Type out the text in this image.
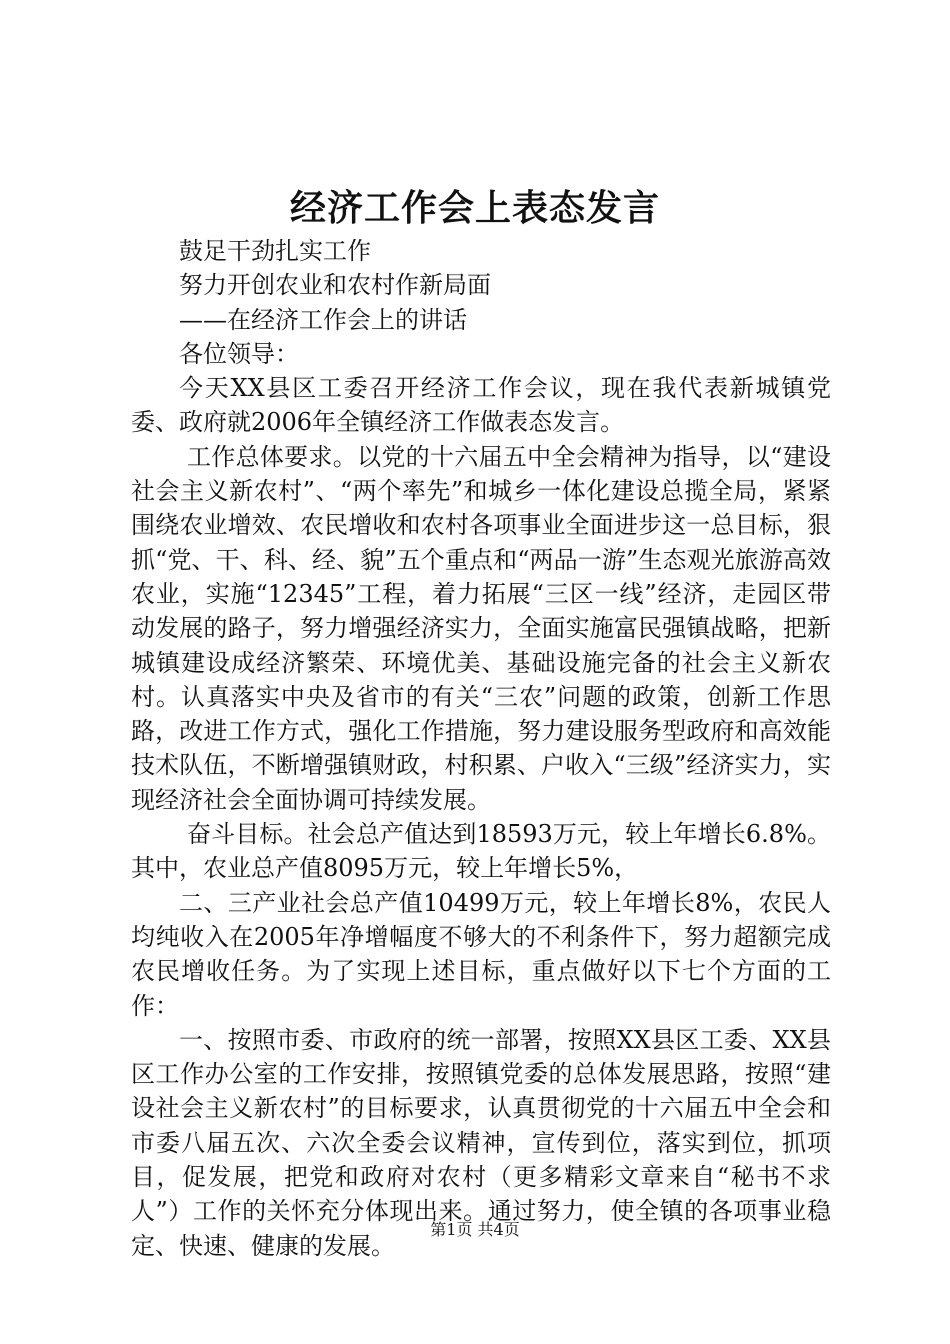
经济工作会上表态发言

鼓足干劲扎实工作

努力开创农业和农村作新局面

——在经济工作会上的讲话

各位领导：

今天XX县区工委召开经济工作会议，现在我代表新城镇党委、政府就2006年全镇经济工作做表态发言。

工作总体要求。以党的十六届五中全会精神为指导，以“建设社会主义新农村”、“两个率先”和城乡一体化建设总揽全局，紧紧围绕农业增效、农民增收和农村各项事业全面进步这一总目标，狠抓“党、干、科、经、貌”五个重点和“两品一游”生态观光旅游高效农业，实施“12345”工程，着力拓展“三区一线”经济，走园区带动发展的路子，努力增强经济实力，全面实施富民强镇战略，把新城镇建设成经济繁荣、环境优美、基础设施完备的社会主义新农村。认真落实中央及省市的有关“三农”问题的政策，创新工作思路，改进工作方式，强化工作措施，努力建设服务型政府和高效能技术队伍，不断增强镇财政，村积累、户收入“三级”经济实力，实现经济社会全面协调可持续发展。

奋斗目标。社会总产值达到18593万元，较上年增长6.8%。其中，农业总产值8095万元，较上年增长5%，

二、三产业社会总产值10499万元，较上年增长8%，农民人均纯收入在2005年净增幅度不够大的不利条件下，努力超额完成农民增收任务。为了实现上述目标，重点做好以下七个方面的工作：

一、按照市委、市政府的统一部署，按照XX县区工委、XX县区工作办公室的工作安排，按照镇党委的总体发展思路，按照“建设社会主义新农村”的目标要求，认真贯彻党的十六届五中全会和市委八届五次、六次全委会议精神，宣传到位，落实到位，抓项目，促发展，把党和政府对农村（更多精彩文章来自“秘书不求人”）工作的关怀充分体现出来。通过努力，使全镇的各项事业稳定、快速、健康的发展。

第1页 共4页
